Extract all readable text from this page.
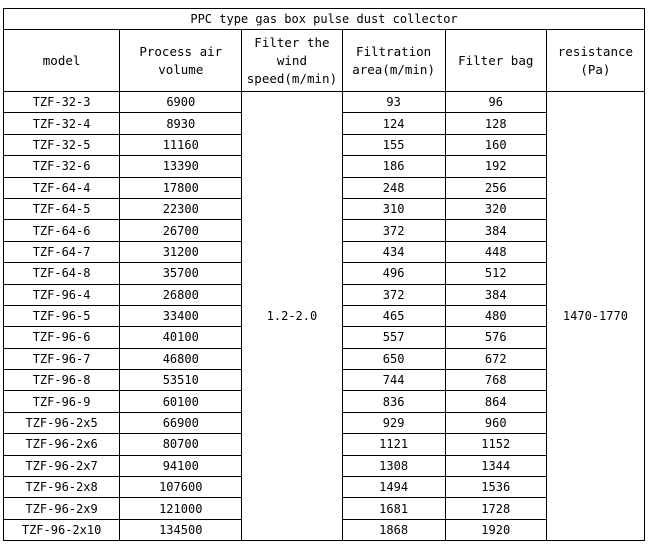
PPC type gas box pulse dust collector					
model	Process air volume	Filter the wind speed(m/min)	Filtration area(m/min)	Filter bag	resistance (Pa)
TZF-32-3	6900	1.2-2.0	93	96	1470-1770
TZF-32-4	8930		124	128	
TZF-32-5	11160		155	160	
TZF-32-6	13390		186	192	
TZF-64-4	17800		248	256	
TZF-64-5	22300		310	320	
TZF-64-6	26700		372	384	
TZF-64-7	31200		434	448	
TZF-64-8	35700		496	512	
TZF-96-4	26800		372	384	
TZF-96-5	33400		465	480	
TZF-96-6	40100		557	576	
TZF-96-7	46800		650	672	
TZF-96-8	53510		744	768	
TZF-96-9	60100		836	864	
TZF-96-2x5	66900		929	960	
TZF-96-2x6	80700		1121	1152	
TZF-96-2x7	94100		1308	1344	
TZF-96-2x8	107600		1494	1536	
TZF-96-2x9	121000		1681	1728	
TZF-96-2x10	134500		1868	1920	
